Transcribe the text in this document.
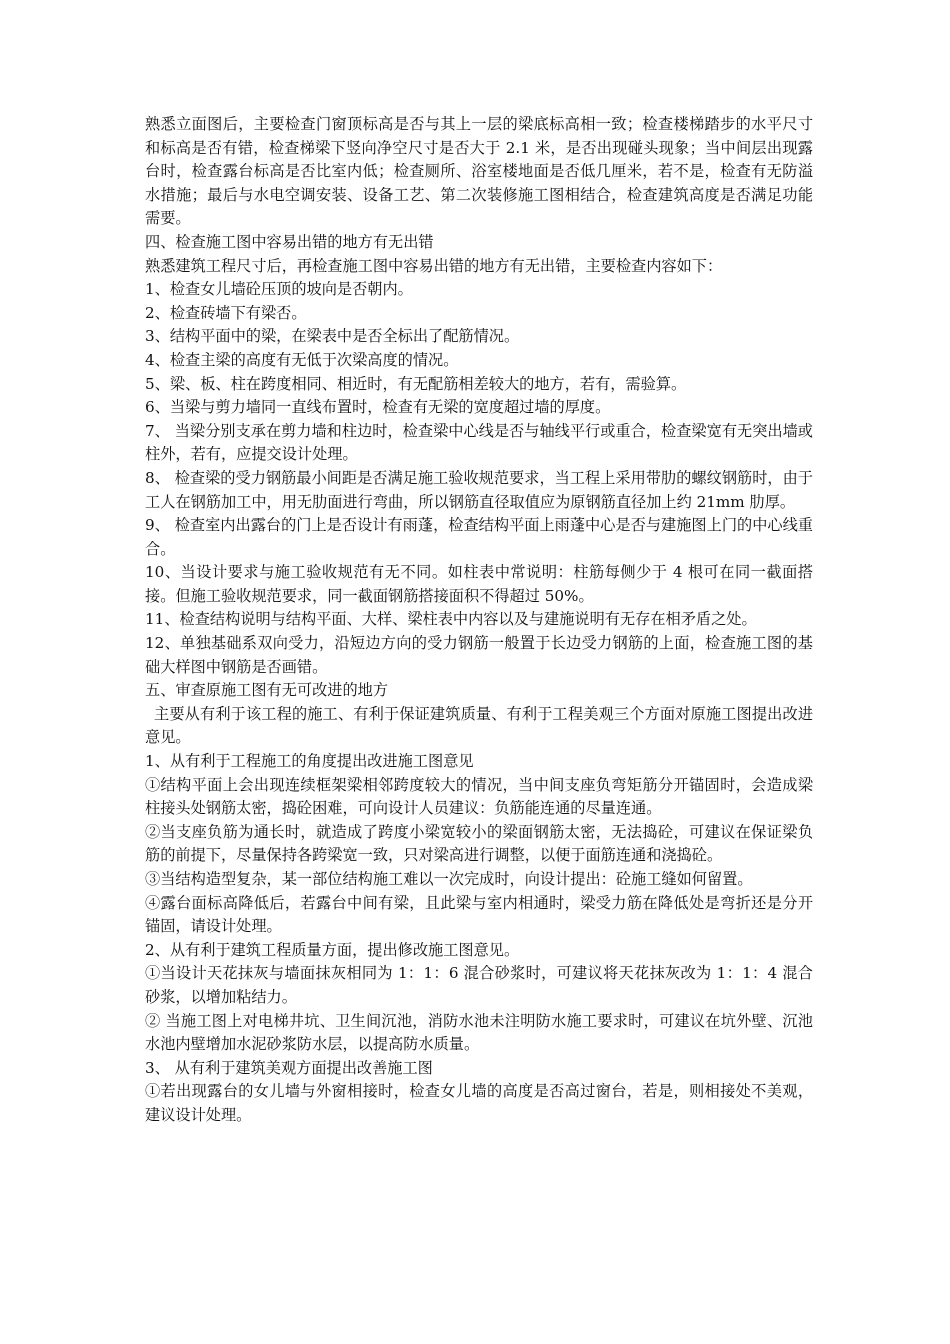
熟悉立面图后，主要检查门窗顶标高是否与其上一层的梁底标高相一致；检查楼梯踏步的水平尺寸和标高是否有错，检查梯梁下竖向净空尺寸是否大于 2.1 米，是否出现碰头现象；当中间层出现露台时，检查露台标高是否比室内低；检查厕所、浴室楼地面是否低几厘米，若不是，检查有无防溢水措施；最后与水电空调安装、设备工艺、第二次装修施工图相结合，检查建筑高度是否满足功能需要。

四、检查施工图中容易出错的地方有无出错

熟悉建筑工程尺寸后，再检查施工图中容易出错的地方有无出错，主要检查内容如下：

1、检查女儿墙砼压顶的坡向是否朝内。

2、检查砖墙下有梁否。

3、结构平面中的梁，在梁表中是否全标出了配筋情况。

4、检查主梁的高度有无低于次梁高度的情况。

5、梁、板、柱在跨度相同、相近时，有无配筋相差较大的地方，若有，需验算。

6、当梁与剪力墙同一直线布置时，检查有无梁的宽度超过墙的厚度。

7、 当梁分别支承在剪力墙和柱边时，检查梁中心线是否与轴线平行或重合，检查梁宽有无突出墙或柱外，若有，应提交设计处理。

8、 检查梁的受力钢筋最小间距是否满足施工验收规范要求，当工程上采用带肋的螺纹钢筋时，由于工人在钢筋加工中，用无肋面进行弯曲，所以钢筋直径取值应为原钢筋直径加上约 21mm 肋厚。

9、 检查室内出露台的门上是否设计有雨蓬，检查结构平面上雨蓬中心是否与建施图上门的中心线重合。

10、当设计要求与施工验收规范有无不同。如柱表中常说明：柱筋每侧少于 4 根可在同一截面搭接。但施工验收规范要求，同一截面钢筋搭接面积不得超过 50%。

11、检查结构说明与结构平面、大样、梁柱表中内容以及与建施说明有无存在相矛盾之处。

12、单独基础系双向受力，沿短边方向的受力钢筋一般置于长边受力钢筋的上面，检查施工图的基础大样图中钢筋是否画错。

五、审查原施工图有无可改进的地方

主要从有利于该工程的施工、有利于保证建筑质量、有利于工程美观三个方面对原施工图提出改进意见。

1、从有利于工程施工的角度提出改进施工图意见

①结构平面上会出现连续框架梁相邻跨度较大的情况，当中间支座负弯矩筋分开锚固时，会造成梁柱接头处钢筋太密，捣砼困难，可向设计人员建议：负筋能连通的尽量连通。

②当支座负筋为通长时，就造成了跨度小梁宽较小的梁面钢筋太密，无法捣砼，可建议在保证梁负筋的前提下，尽量保持各跨梁宽一致，只对梁高进行调整，以便于面筋连通和浇捣砼。

③当结构造型复杂，某一部位结构施工难以一次完成时，向设计提出：砼施工缝如何留置。

④露台面标高降低后，若露台中间有梁，且此梁与室内相通时，梁受力筋在降低处是弯折还是分开锚固，请设计处理。

2、从有利于建筑工程质量方面，提出修改施工图意见。

①当设计天花抹灰与墙面抹灰相同为 1：1：6 混合砂浆时，可建议将天花抹灰改为 1：1：4 混合砂浆，以增加粘结力。

② 当施工图上对电梯井坑、卫生间沉池，消防水池未注明防水施工要求时，可建议在坑外壁、沉池水池内壁增加水泥砂浆防水层，以提高防水质量。

3、 从有利于建筑美观方面提出改善施工图

①若出现露台的女儿墙与外窗相接时，检查女儿墙的高度是否高过窗台，若是，则相接处不美观，建议设计处理。
